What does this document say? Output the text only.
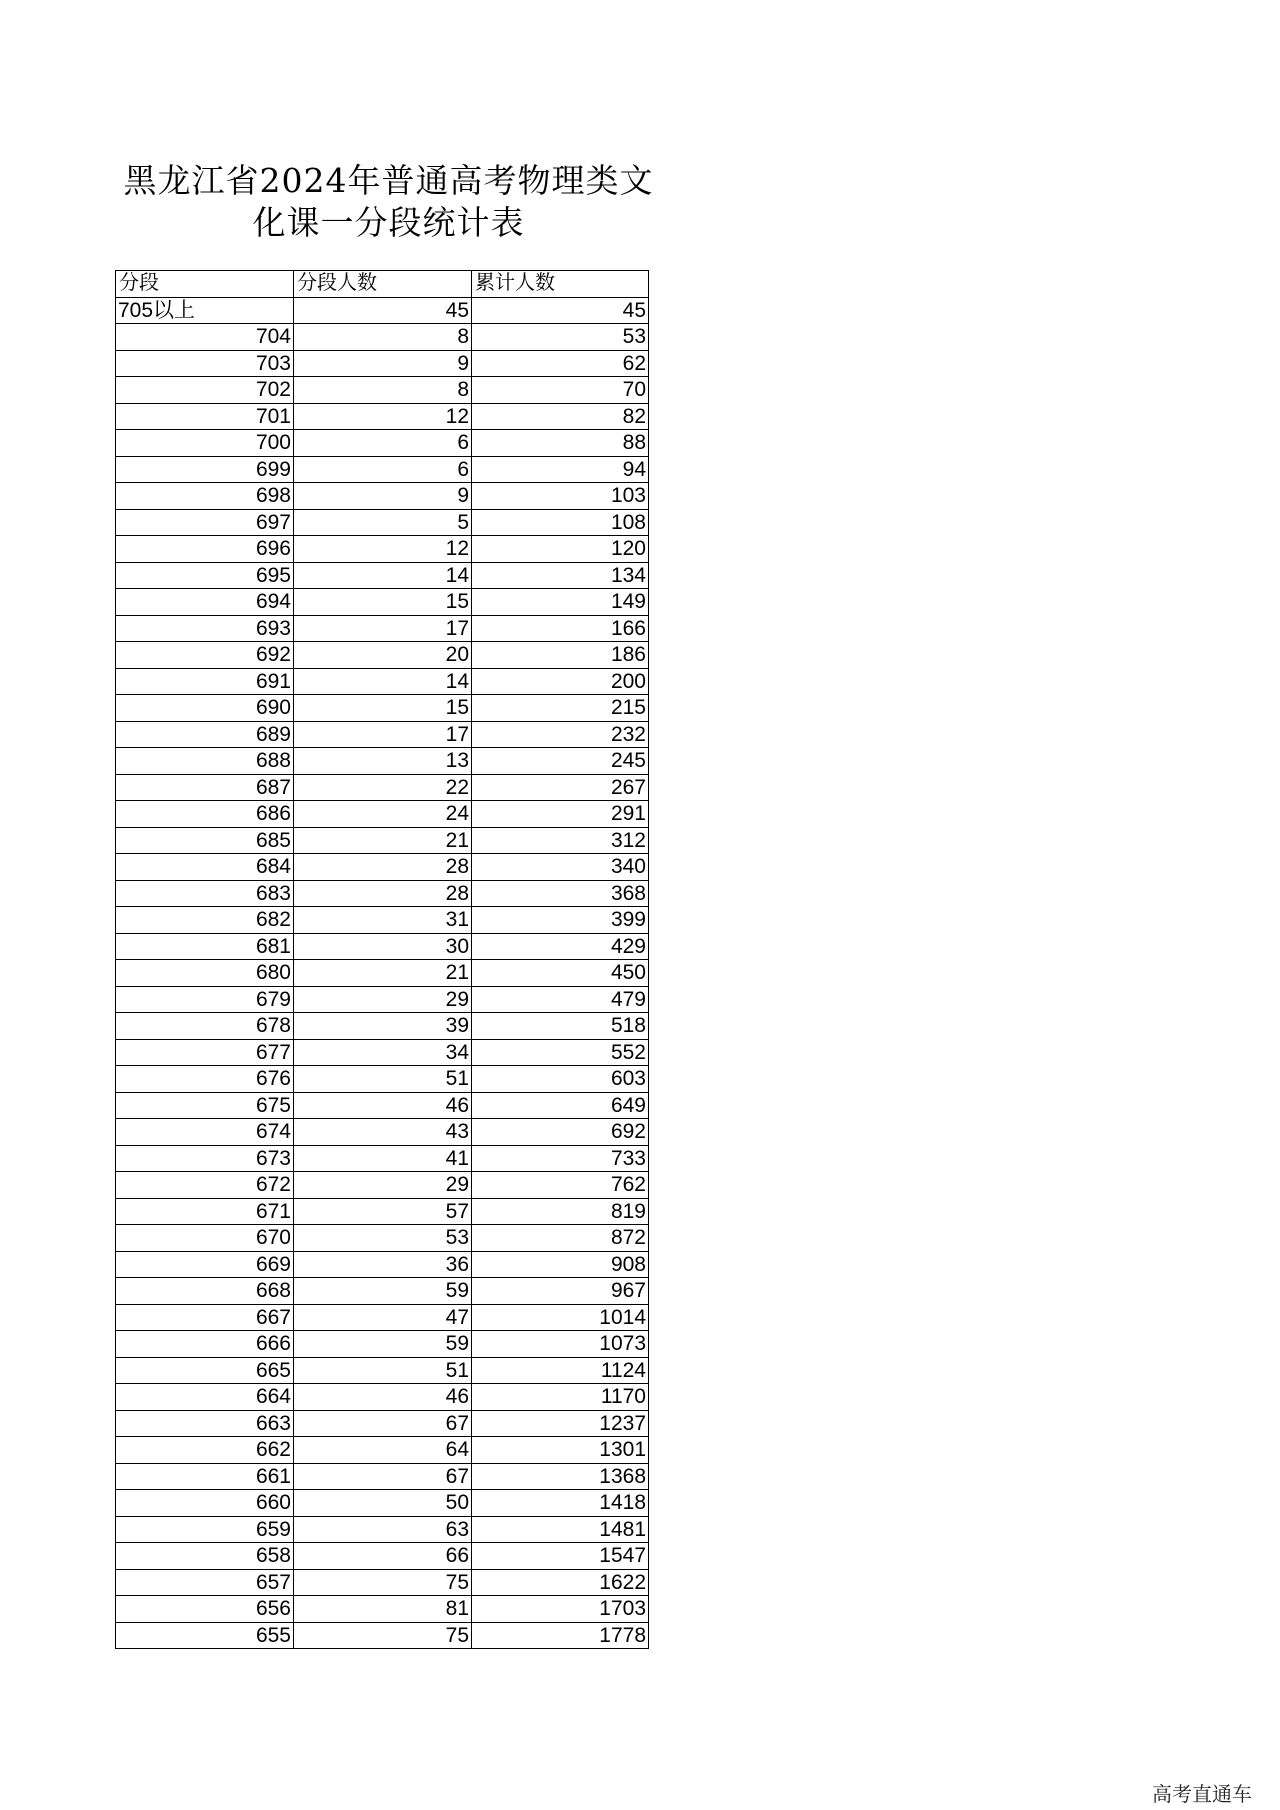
黑龙江省2024年普通高考物理类文
化课一分段统计表
分段	分段人数	累计人数
705以上	45	45
704	8	53
703	9	62
702	8	70
701	12	82
700	6	88
699	6	94
698	9	103
697	5	108
696	12	120
695	14	134
694	15	149
693	17	166
692	20	186
691	14	200
690	15	215
689	17	232
688	13	245
687	22	267
686	24	291
685	21	312
684	28	340
683	28	368
682	31	399
681	30	429
680	21	450
679	29	479
678	39	518
677	34	552
676	51	603
675	46	649
674	43	692
673	41	733
672	29	762
671	57	819
670	53	872
669	36	908
668	59	967
667	47	1014
666	59	1073
665	51	1124
664	46	1170
663	67	1237
662	64	1301
661	67	1368
660	50	1418
659	63	1481
658	66	1547
657	75	1622
656	81	1703
655	75	1778
高考直通车
